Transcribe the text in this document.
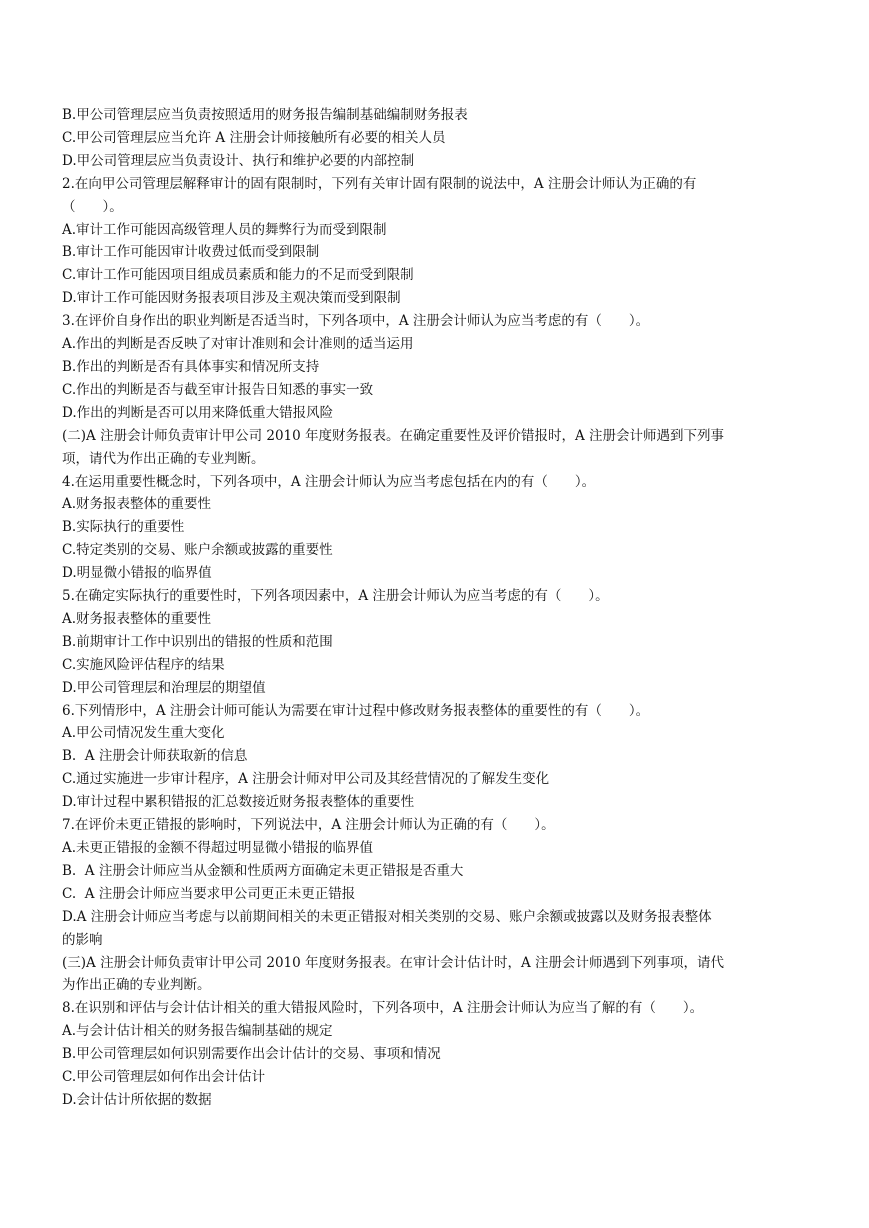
B.甲公司管理层应当负责按照适用的财务报告编制基础编制财务报表
C.甲公司管理层应当允许 A 注册会计师接触所有必要的相关人员
D.甲公司管理层应当负责设计、执行和维护必要的内部控制
2.在向甲公司管理层解释审计的固有限制时，下列有关审计固有限制的说法中，A 注册会计师认为正确的有
（　　）。
A.审计工作可能因高级管理人员的舞弊行为而受到限制
B.审计工作可能因审计收费过低而受到限制
C.审计工作可能因项目组成员素质和能力的不足而受到限制
D.审计工作可能因财务报表项目涉及主观决策而受到限制
3.在评价自身作出的职业判断是否适当时，下列各项中，A 注册会计师认为应当考虑的有（　　）。
A.作出的判断是否反映了对审计准则和会计准则的适当运用
B.作出的判断是否有具体事实和情况所支持
C.作出的判断是否与截至审计报告日知悉的事实一致
D.作出的判断是否可以用来降低重大错报风险
(二)A 注册会计师负责审计甲公司 2010 年度财务报表。在确定重要性及评价错报时，A 注册会计师遇到下列事
项，请代为作出正确的专业判断。
4.在运用重要性概念时，下列各项中，A 注册会计师认为应当考虑包括在内的有（　　）。
A.财务报表整体的重要性
B.实际执行的重要性
C.特定类别的交易、账户余额或披露的重要性
D.明显微小错报的临界值
5.在确定实际执行的重要性时，下列各项因素中，A 注册会计师认为应当考虑的有（　　）。
A.财务报表整体的重要性
B.前期审计工作中识别出的错报的性质和范围
C.实施风险评估程序的结果
D.甲公司管理层和治理层的期望值
6.下列情形中，A 注册会计师可能认为需要在审计过程中修改财务报表整体的重要性的有（　　）。
A.甲公司情况发生重大变化
B.  A 注册会计师获取新的信息
C.通过实施进一步审计程序，A 注册会计师对甲公司及其经营情况的了解发生变化
D.审计过程中累积错报的汇总数接近财务报表整体的重要性
7.在评价未更正错报的影响时，下列说法中，A 注册会计师认为正确的有（　　）。
A.未更正错报的金额不得超过明显微小错报的临界值
B.  A 注册会计师应当从金额和性质两方面确定未更正错报是否重大
C.  A 注册会计师应当要求甲公司更正未更正错报
D.A 注册会计师应当考虑与以前期间相关的未更正错报对相关类别的交易、账户余额或披露以及财务报表整体
的影响
(三)A 注册会计师负责审计甲公司 2010 年度财务报表。在审计会计估计时，A 注册会计师遇到下列事项，请代
为作出正确的专业判断。
8.在识别和评估与会计估计相关的重大错报风险时，下列各项中，A 注册会计师认为应当了解的有（　　）。
A.与会计估计相关的财务报告编制基础的规定
B.甲公司管理层如何识别需要作出会计估计的交易、事项和情况
C.甲公司管理层如何作出会计估计
D.会计估计所依据的数据
